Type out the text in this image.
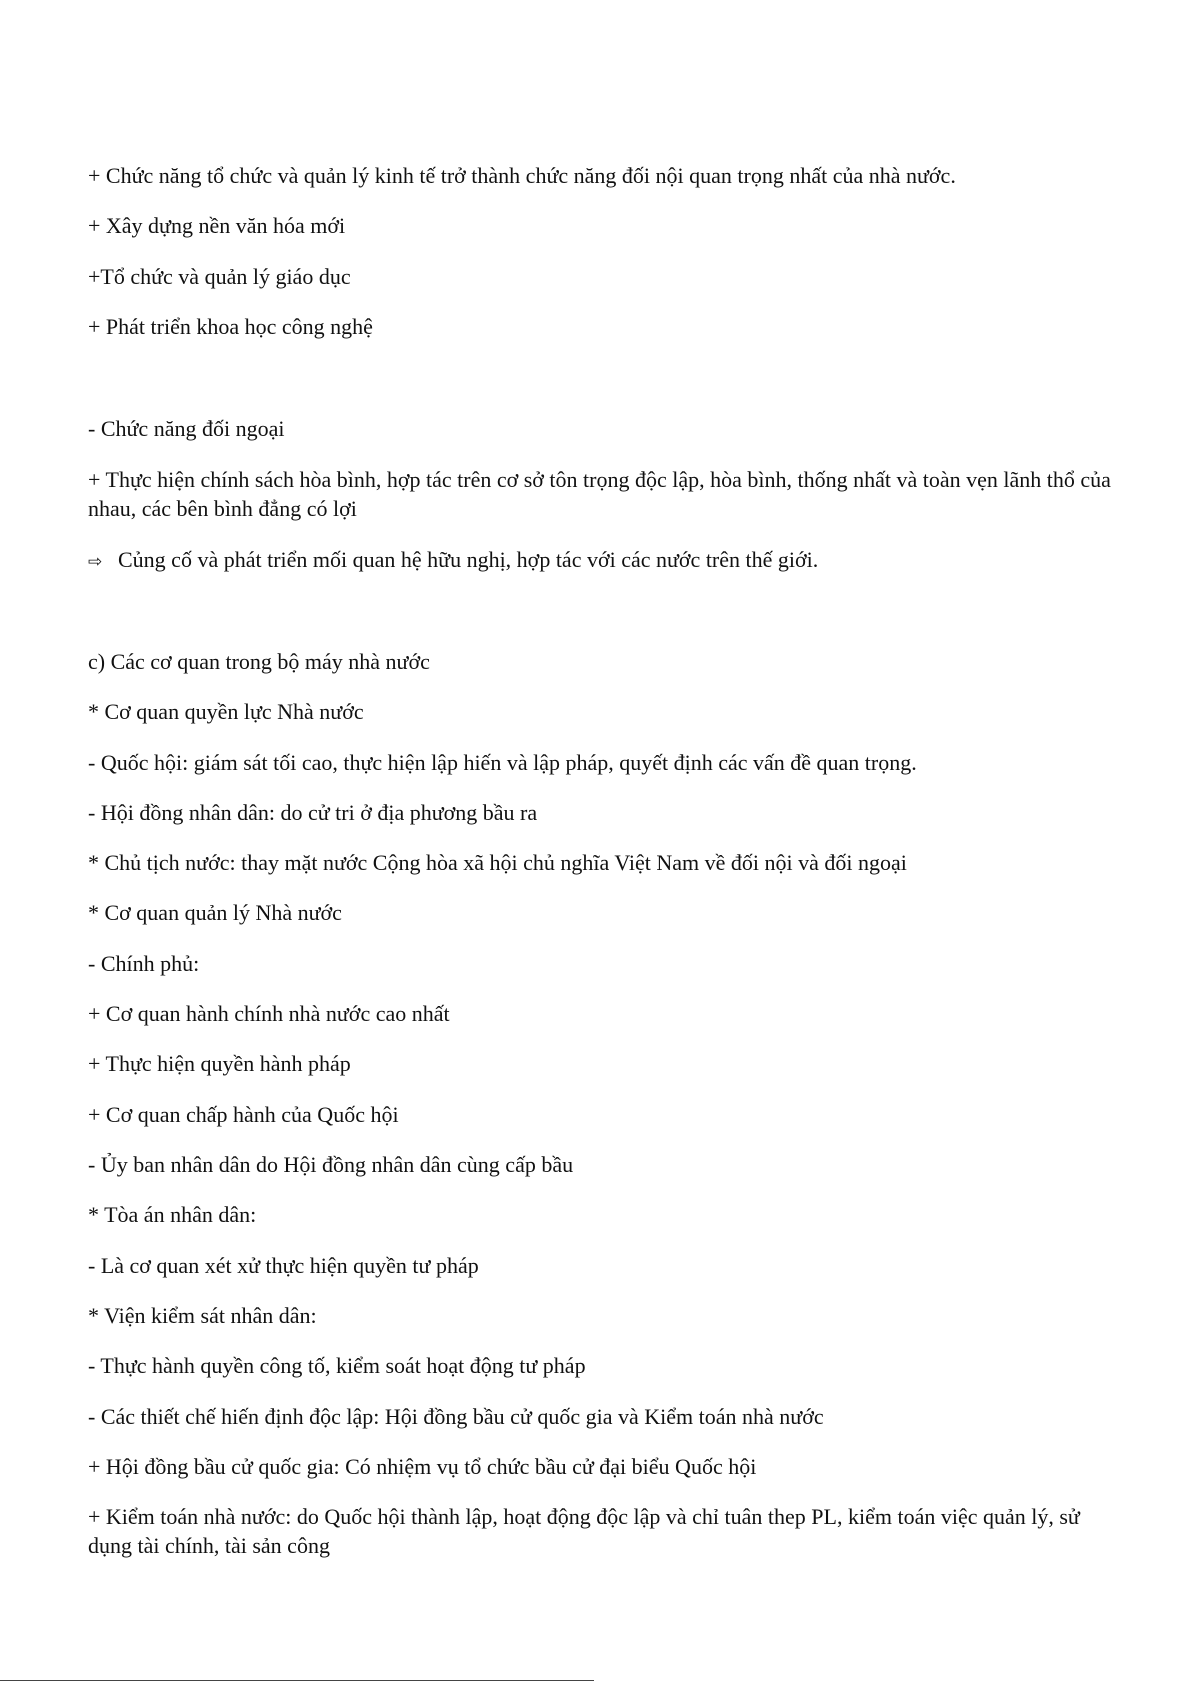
+ Chức năng tổ chức và quản lý kinh tế trở thành chức năng đối nội quan trọng nhất của nhà nước.
+ Xây dựng nền văn hóa mới
+Tổ chức và quản lý giáo dục
+ Phát triển khoa học công nghệ
- Chức năng đối ngoại
+ Thực hiện chính sách hòa bình, hợp tác trên cơ sở tôn trọng độc lập, hòa bình, thống nhất và toàn vẹn lãnh thổ của nhau, các bên bình đẳng có lợi
⇨ Củng cố và phát triển mối quan hệ hữu nghị, hợp tác với các nước trên thế giới.
c) Các cơ quan trong bộ máy nhà nước
* Cơ quan quyền lực Nhà nước
- Quốc hội: giám sát tối cao, thực hiện lập hiến và lập pháp, quyết định các vấn đề quan trọng.
- Hội đồng nhân dân: do cử tri ở địa phương bầu ra
* Chủ tịch nước: thay mặt nước Cộng hòa xã hội chủ nghĩa Việt Nam về đối nội và đối ngoại
* Cơ quan quản lý Nhà nước
- Chính phủ:
+ Cơ quan hành chính nhà nước cao nhất
+ Thực hiện quyền hành pháp
+ Cơ quan chấp hành của Quốc hội
- Ủy ban nhân dân do Hội đồng nhân dân cùng cấp bầu
* Tòa án nhân dân:
- Là cơ quan xét xử thực hiện quyền tư pháp
* Viện kiểm sát nhân dân:
- Thực hành quyền công tố, kiểm soát hoạt động tư pháp
- Các thiết chế hiến định độc lập: Hội đồng bầu cử quốc gia và Kiểm toán nhà nước
+ Hội đồng bầu cử quốc gia: Có nhiệm vụ tổ chức bầu cử đại biểu Quốc hội
+ Kiểm toán nhà nước: do Quốc hội thành lập, hoạt động độc lập và chỉ tuân thep PL, kiểm toán việc quản lý, sử dụng tài chính, tài sản công
